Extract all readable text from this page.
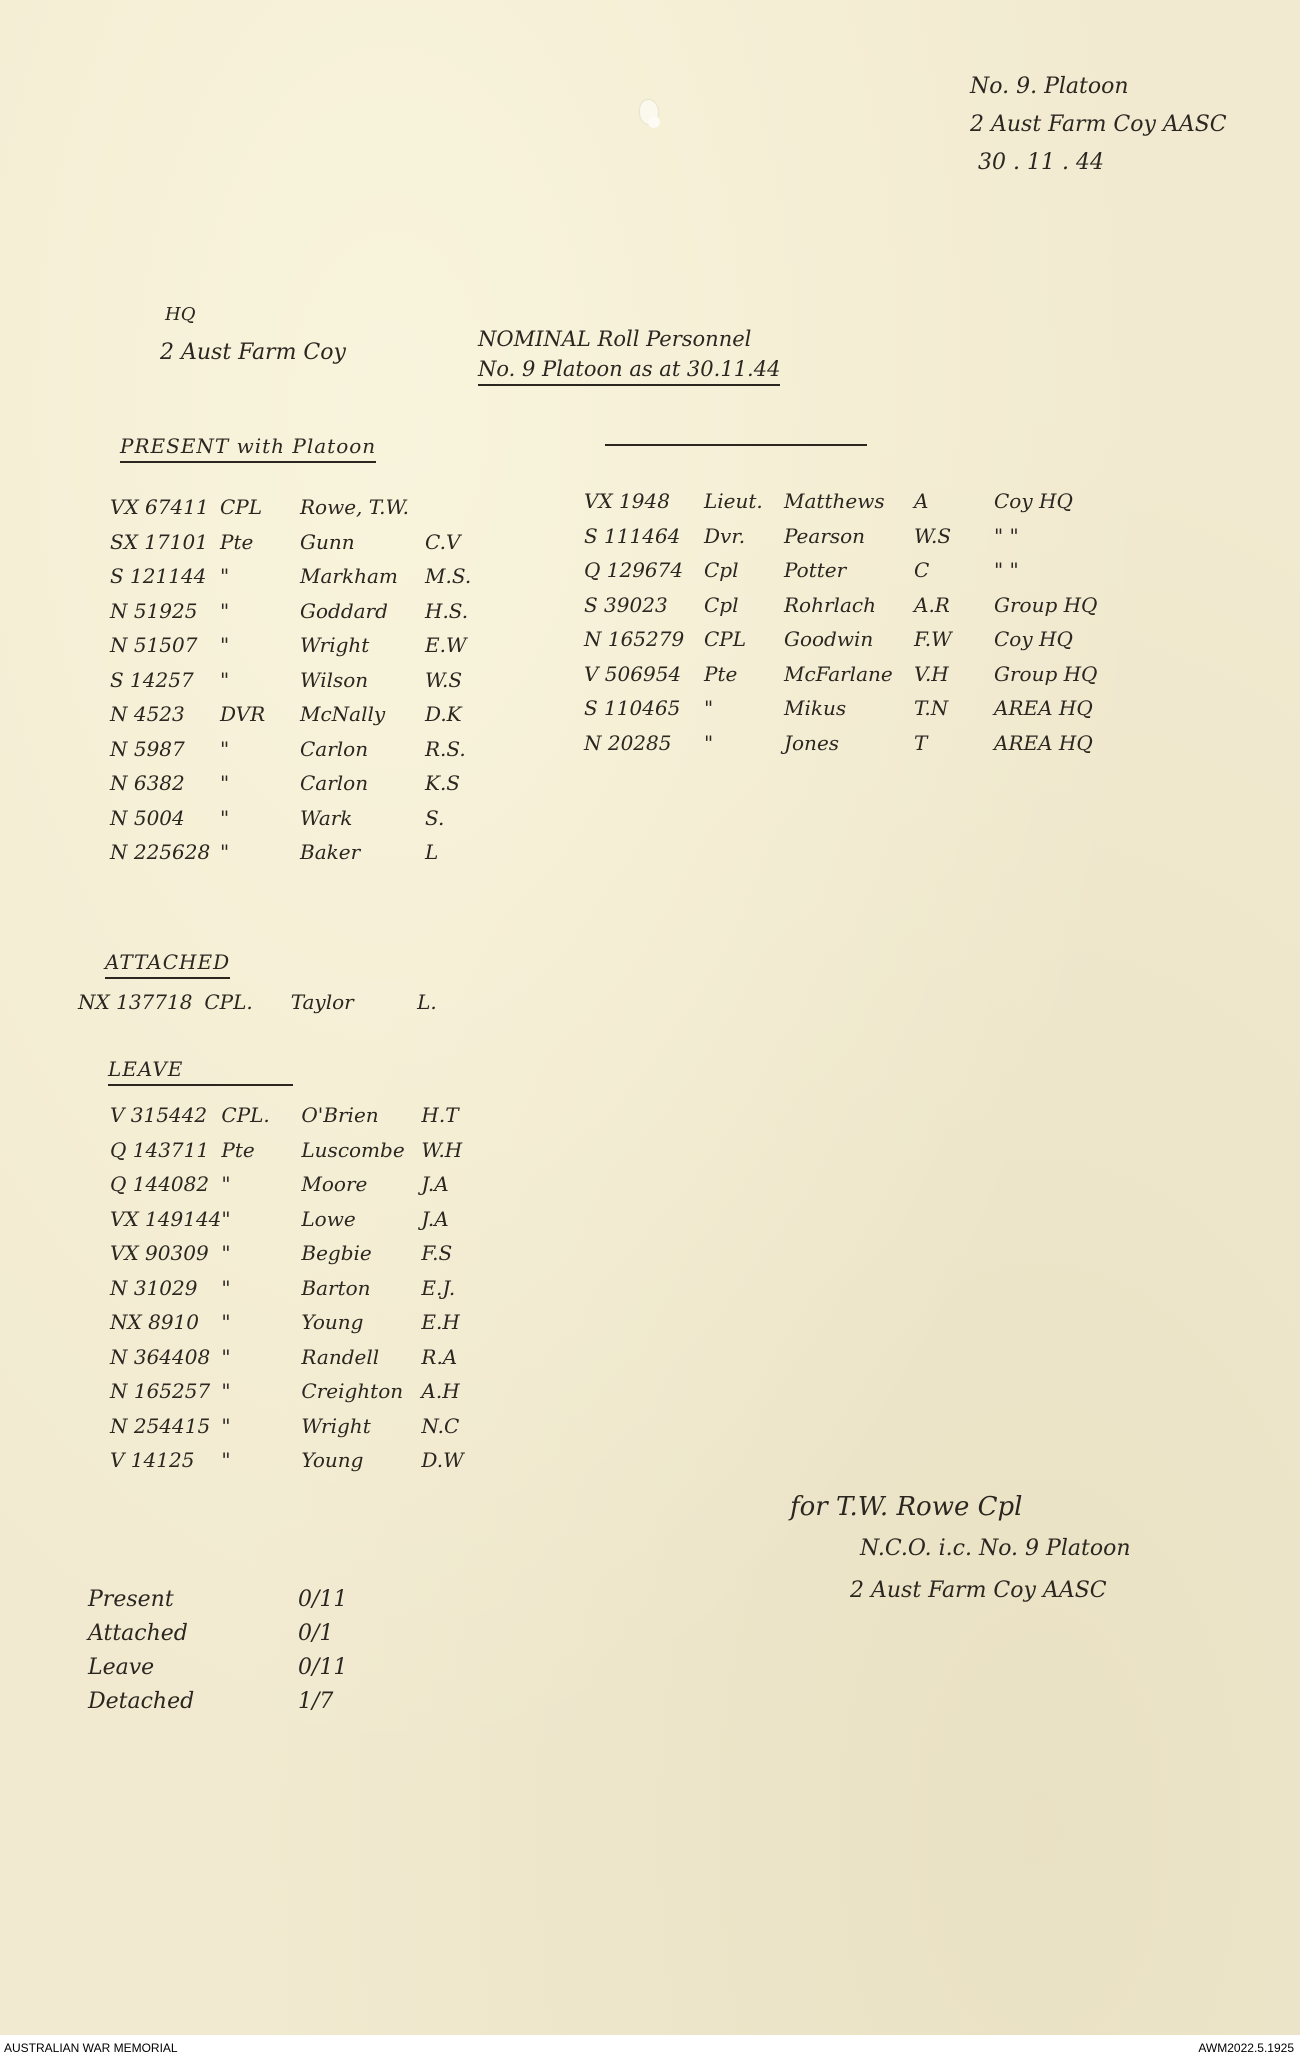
No. 9. Platoon
2 Aust Farm Coy AASC
30 . 11 . 44
HQ
2 Aust Farm Coy
NOMINAL Roll Personnel
No. 9 Platoon as at 30.11.44
PRESENT with Platoon
VX 67411	CPL	Rowe, T.W.	
SX 17101	Pte	Gunn	C.V
S 121144	"	Markham	M.S.
N 51925	"	Goddard	H.S.
N 51507	"	Wright	E.W
S 14257	"	Wilson	W.S
N 4523	DVR	McNally	D.K
N 5987	"	Carlon	R.S.
N 6382	"	Carlon	K.S
N 5004	"	Wark	S.
N 225628	"	Baker	L
VX 1948	Lieut.	Matthews	A	Coy HQ
S 111464	Dvr.	Pearson	W.S	" "
Q 129674	Cpl	Potter	C	" "
S 39023	Cpl	Rohrlach	A.R	Group HQ
N 165279	CPL	Goodwin	F.W	Coy HQ
V 506954	Pte	McFarlane	V.H	Group HQ
S 110465	"	Mikus	T.N	AREA HQ
N 20285	"	Jones	T	AREA HQ
ATTACHED
NX 137718 CPL. Taylor	L.
LEAVE
V 315442	CPL.	O'Brien	H.T
Q 143711	Pte	Luscombe	W.H
Q 144082	"	Moore	J.A
VX 149144	"	Lowe	J.A
VX 90309	"	Begbie	F.S
N 31029	"	Barton	E.J.
NX 8910	"	Young	E.H
N 364408	"	Randell	R.A
N 165257	"	Creighton	A.H
N 254415	"	Wright	N.C
V 14125	"	Young	D.W
for T.W. Rowe Cpl
N.C.O. i.c. No. 9 Platoon
2 Aust Farm Coy AASC
Present	0/11
Attached	0/1
Leave	0/11
Detached	1/7
AUSTRALIAN WAR MEMORIAL	AWM2022.5.1925
